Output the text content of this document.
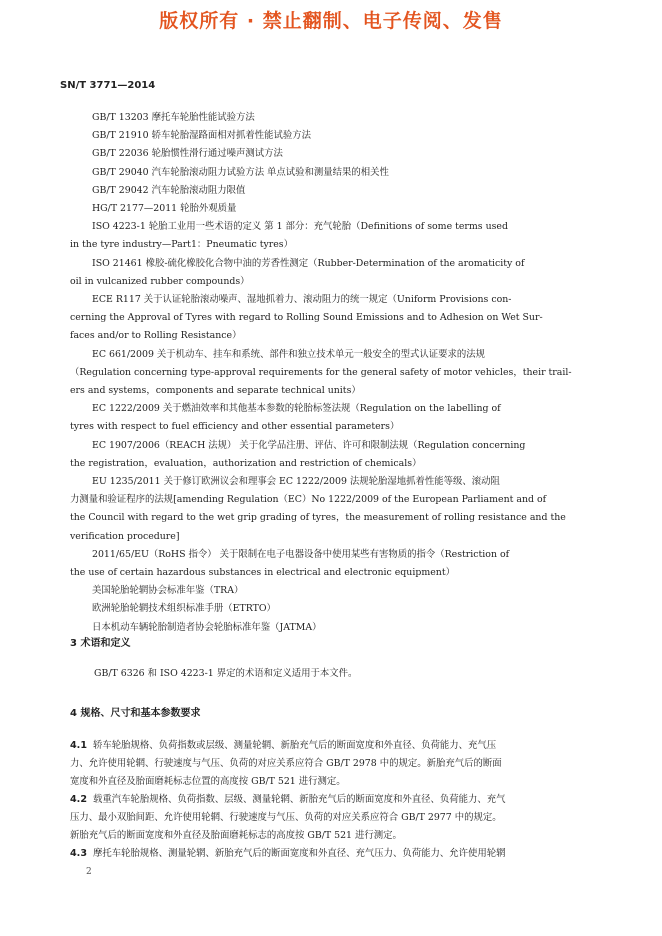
版权所有 · 禁止翻制、电子传阅、发售
SN/T 3771—2014
GB/T 13203 摩托车轮胎性能试验方法
GB/T 21910 轿车轮胎湿路面相对抓着性能试验方法
GB/T 22036 轮胎惯性滑行通过噪声测试方法
GB/T 29040 汽车轮胎滚动阻力试验方法 单点试验和测量结果的相关性
GB/T 29042 汽车轮胎滚动阻力限值
HG/T 2177—2011 轮胎外观质量
ISO 4223-1 轮胎工业用一些术语的定义 第 1 部分：充气轮胎（Definitions of some terms used
in the tyre industry—Part1：Pneumatic tyres）
ISO 21461 橡胶-硫化橡胶化合物中油的芳香性测定（Rubber-Determination of the aromaticity of
oil in vulcanized rubber compounds）
ECE R117 关于认证轮胎滚动噪声、湿地抓着力、滚动阻力的统一规定（Uniform Provisions con-
cerning the Approval of Tyres with regard to Rolling Sound Emissions and to Adhesion on Wet Sur-
faces and/or to Rolling Resistance）
EC 661/2009 关于机动车、挂车和系统、部件和独立技术单元一般安全的型式认证要求的法规
（Regulation concerning type-approval requirements for the general safety of motor vehicles，their trail-
ers and systems，components and separate technical units）
EC 1222/2009 关于燃油效率和其他基本参数的轮胎标签法规（Regulation on the labelling of
tyres with respect to fuel efficiency and other essential parameters）
EC 1907/2006（REACH 法规） 关于化学品注册、评估、许可和限制法规（Regulation concerning
the registration，evaluation，authorization and restriction of chemicals）
EU 1235/2011 关于修订欧洲议会和理事会 EC 1222/2009 法规轮胎湿地抓着性能等级、滚动阻
力测量和验证程序的法规[amending Regulation（EC）No 1222/2009 of the European Parliament and of
the Council with regard to the wet grip grading of tyres，the measurement of rolling resistance and the
verification procedure]
2011/65/EU（RoHS 指令） 关于限制在电子电器设备中使用某些有害物质的指令（Restriction of
the use of certain hazardous substances in electrical and electronic equipment）
美国轮胎轮辋协会标准年鉴（TRA）
欧洲轮胎轮辋技术组织标准手册（ETRTO）
日本机动车辆轮胎制造者协会轮胎标准年鉴（JATMA）
3 术语和定义
GB/T 6326 和 ISO 4223-1 界定的术语和定义适用于本文件。
4 规格、尺寸和基本参数要求
4.1 轿车轮胎规格、负荷指数或层级、测量轮辋、新胎充气后的断面宽度和外直径、负荷能力、充气压
力、允许使用轮辋、行驶速度与气压、负荷的对应关系应符合 GB/T 2978 中的规定。新胎充气后的断面
宽度和外直径及胎面磨耗标志位置的高度按 GB/T 521 进行测定。
4.2 载重汽车轮胎规格、负荷指数、层级、测量轮辋、新胎充气后的断面宽度和外直径、负荷能力、充气
压力、最小双胎间距、允许使用轮辋、行驶速度与气压、负荷的对应关系应符合 GB/T 2977 中的规定。
新胎充气后的断面宽度和外直径及胎面磨耗标志的高度按 GB/T 521 进行测定。
4.3 摩托车轮胎规格、测量轮辋、新胎充气后的断面宽度和外直径、充气压力、负荷能力、允许使用轮辋
2
